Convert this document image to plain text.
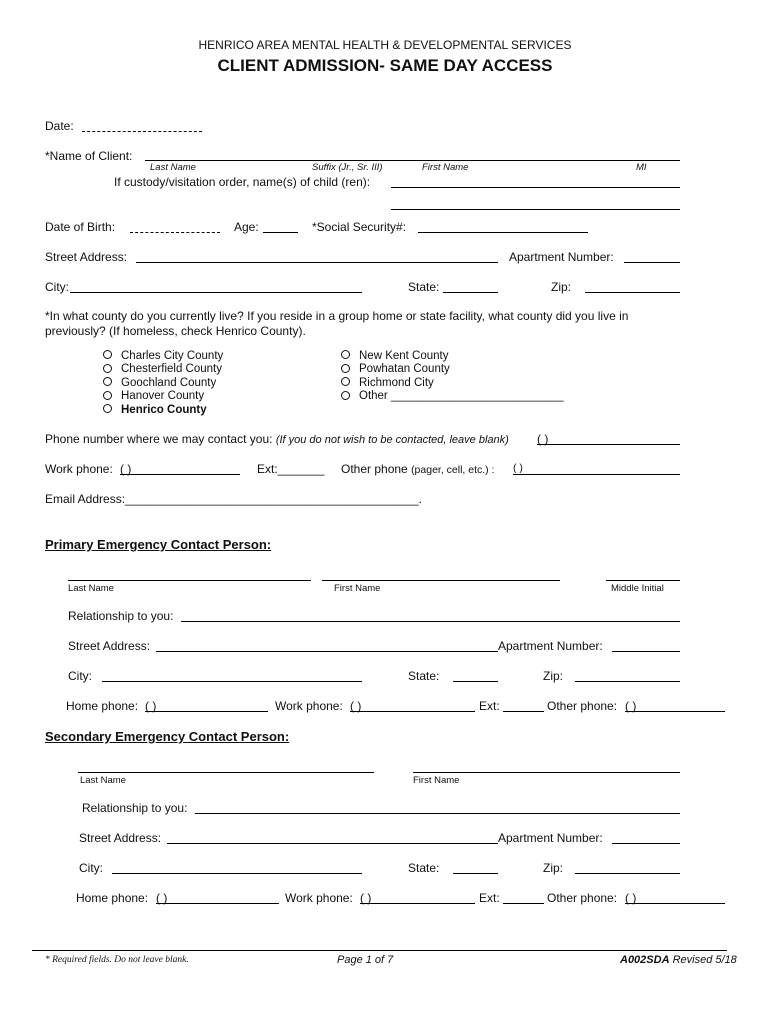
HENRICO AREA MENTAL HEALTH & DEVELOPMENTAL SERVICES
CLIENT ADMISSION- SAME DAY ACCESS
Date:
*Name of Client:
Last Name	Suffix (Jr., Sr. III)	First Name	MI
If custody/visitation order, name(s) of child (ren):
Date of Birth:	Age:	*Social Security#:
Street Address:	Apartment Number:
City:	State:	Zip:
*In what county do you currently live? If you reside in a group home or state facility, what county did you live in previously? (If homeless, check Henrico County).
Charles City County
Chesterfield County
Goochland County
Hanover County
Henrico County
New Kent County
Powhatan County
Richmond City
Other ___________________________
Phone number where we may contact you: (If you do not wish to be contacted, leave blank) ( )
Work phone: ( )	Ext:_______ Other phone (pager, cell, etc.) : ( )
Email Address:____________________________________________.
Primary Emergency Contact Person:
Last Name	First Name	Middle Initial
Relationship to you:
Street Address:	Apartment Number:
City:	State:	Zip:
Home phone: ( )	Work phone: ( )	Ext:	Other phone: ( )
Secondary Emergency Contact Person:
Last Name	First Name
Relationship to you:
Street Address:	Apartment Number:
City:	State:	Zip:
Home phone: ( )	Work phone: ( )	Ext:	Other phone: ( )
* Required fields. Do not leave blank.	Page 1 of 7	A002SDA Revised 5/18
